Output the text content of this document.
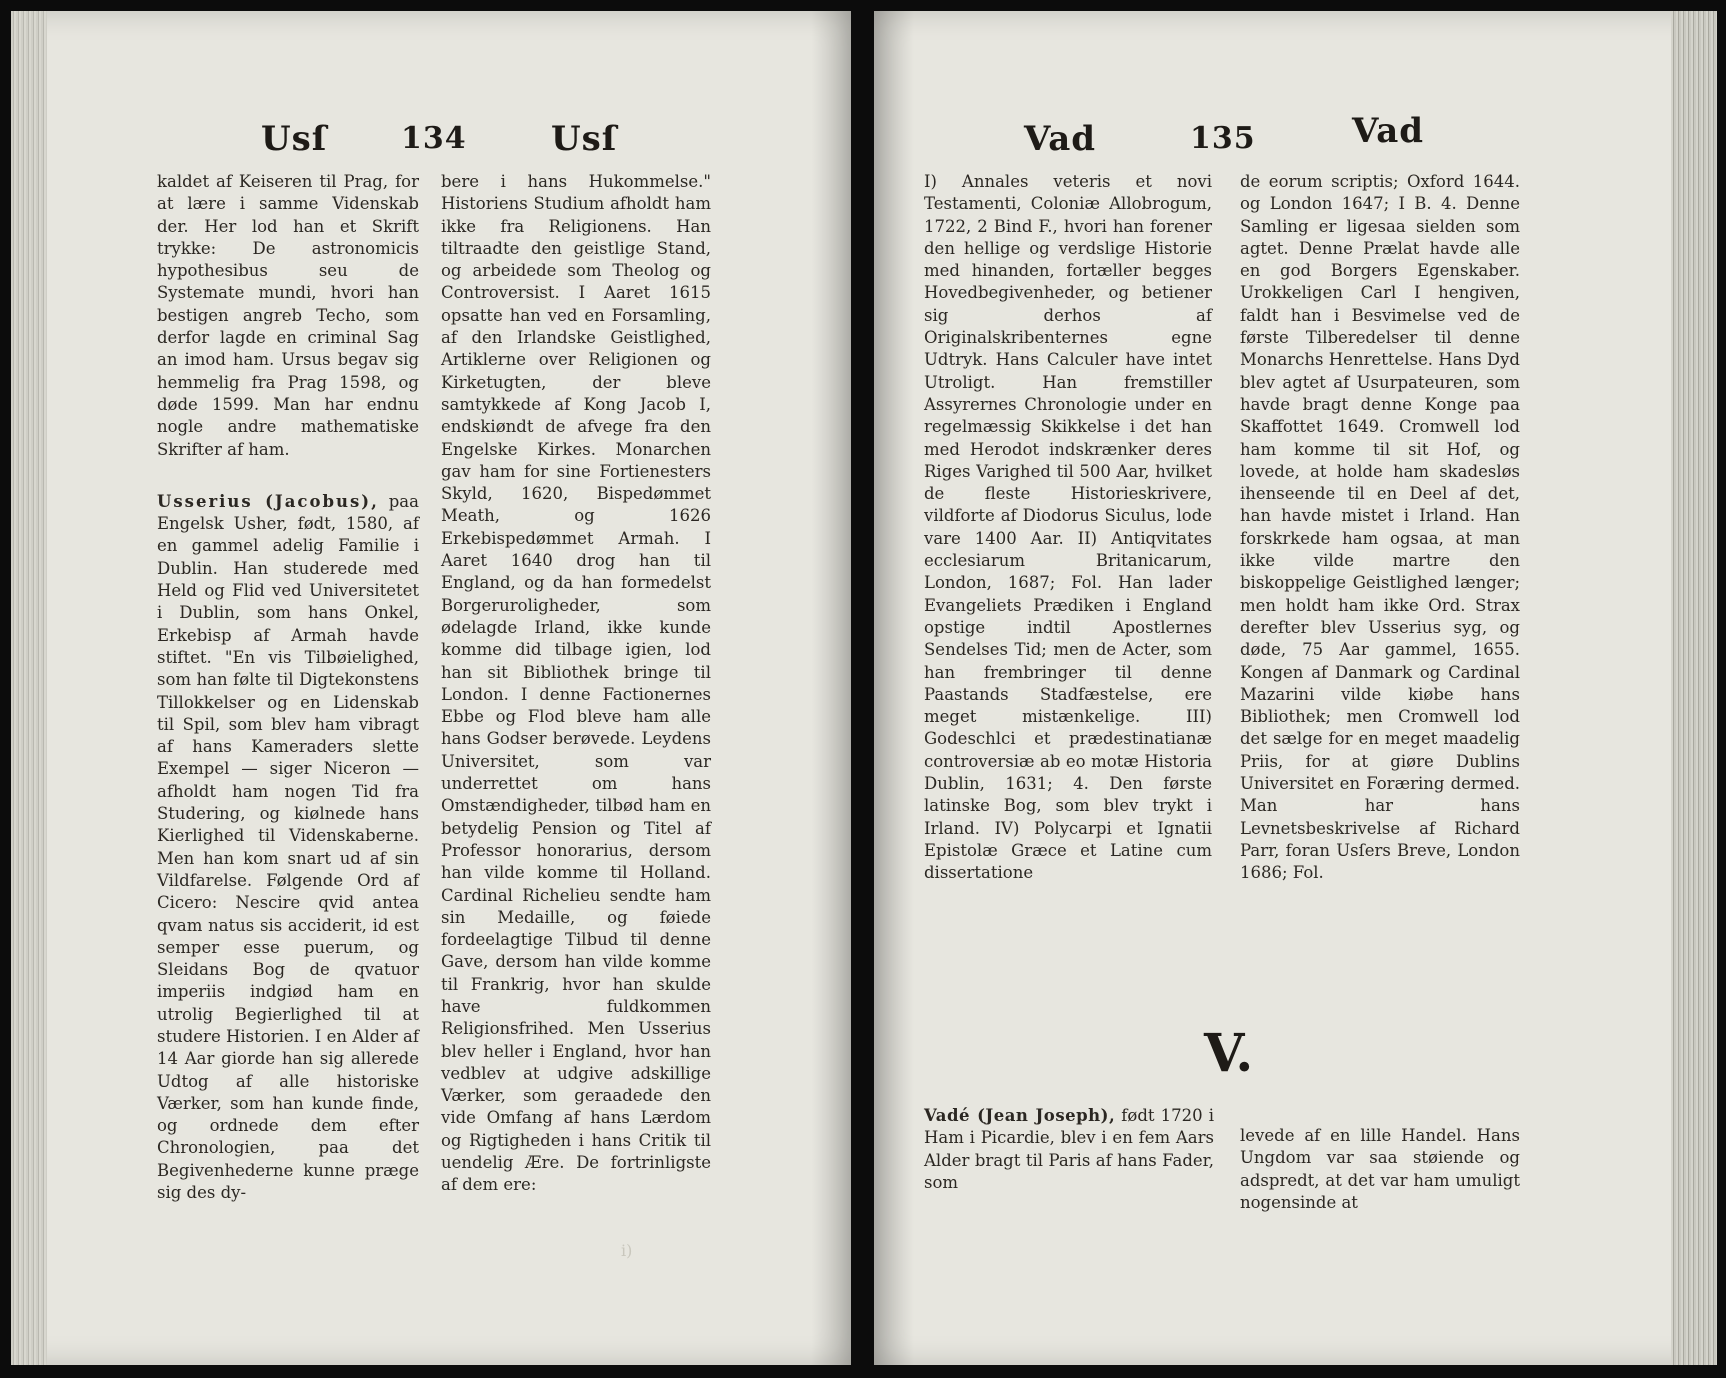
Usſ 134 Usſ

kaldet af Keiseren til Prag, for at lære i samme Videnskab der. Her lod han et Skrift trykke: De astronomicis hypothesibus seu de Systemate mundi, hvori han bestigen angreb Techo, som derfor lagde en criminal Sag an imod ham. Ursus begav sig hemmelig fra Prag 1598, og døde 1599. Man har endnu nogle andre mathematiske Skrifter af ham.

Usserius (Jacobus), paa Engelsk Usher, født, 1580, af en gammel adelig Familie i Dublin. Han studerede med Held og Flid ved Universitetet i Dublin, som hans Onkel, Erkebisp af Armah havde stiftet. "En vis Tilbøielighed, som han følte til Digtekonstens Tillokkelser og en Lidenskab til Spil, som blev ham vibragt af hans Kameraders slette Exempel — siger Niceron — afholdt ham nogen Tid fra Studering, og kiølnede hans Kierlighed til Videnskaberne. Men han kom snart ud af sin Vildfarelse. Følgende Ord af Cicero: Nescire qvid antea qvam natus sis acciderit, id est semper esse puerum, og Sleidans Bog de qvatuor imperiis indgiød ham en utrolig Begierlighed til at studere Historien. I en Alder af 14 Aar giorde han sig allerede Udtog af alle historiske Værker, som han kunde finde, og ordnede dem efter Chronologien, paa det Begivenhederne kunne præge sig des dy-

bere i hans Hukommelse." Historiens Studium afholdt ham ikke fra Religionens. Han tiltraadte den geistlige Stand, og arbeidede som Theolog og Controversist. I Aaret 1615 opsatte han ved en Forsamling, af den Irlandske Geistlighed, Artiklerne over Religionen og Kirketugten, der bleve samtykkede af Kong Jacob I, endskiøndt de afvege fra den Engelske Kirkes. Monarchen gav ham for sine Fortienesters Skyld, 1620, Bispedømmet Meath, og 1626 Erkebispedømmet Armah. I Aaret 1640 drog han til England, og da han formedelst Borgeruroligheder, som ødelagde Irland, ikke kunde komme did tilbage igien, lod han sit Bibliothek bringe til London. I denne Factionernes Ebbe og Flod bleve ham alle hans Godser berøvede. Leydens Universitet, som var underrettet om hans Omstændigheder, tilbød ham en betydelig Pension og Titel af Professor honorarius, dersom han vilde komme til Holland. Cardinal Richelieu sendte ham sin Medaille, og føiede fordeelagtige Tilbud til denne Gave, dersom han vilde komme til Frankrig, hvor han skulde have fuldkommen Religionsfrihed. Men Usserius blev heller i England, hvor han vedblev at udgive adskillige Værker, som geraadede den vide Omfang af hans Lærdom og Rigtigheden i hans Critik til uendelig Ære. De fortrinligste af dem ere:

i)
Vad	135	Vad

I) Annales veteris et novi Testamenti, Coloniæ Allobrogum, 1722, 2 Bind F., hvori han forener den hellige og verdslige Historie med hinanden, fortæller begges Hovedbegivenheder, og betiener sig derhos af Originalskribenternes egne Udtryk. Hans Calculer have intet Utroligt. Han fremstiller Assyrernes Chronologie under en regelmæssig Skikkelse i det han med Herodot indskrænker deres Riges Varighed til 500 Aar, hvilket de fleste Historieskrivere, vildforte af Diodorus Siculus, lode vare 1400 Aar. II) Antiqvitates ecclesiarum Britanicarum, London, 1687; Fol. Han lader Evangeliets Prædiken i England opstige indtil Apostlernes Sendelses Tid; men de Acter, som han frembringer til denne Paastands Stadfæstelse, ere meget mistænkelige. III) Godeschlci et prædestinatianæ controversiæ ab eo motæ Historia Dublin, 1631; 4. Den første latinske Bog, som blev trykt i Irland. IV) Polycarpi et Ignatii Epistolæ Græce et Latine cum dissertatione

de eorum scriptis; Oxford 1644. og London 1647; I B. 4. Denne Samling er ligesaa sielden som agtet. Denne Prælat havde alle en god Borgers Egenskaber. Urokkeligen Carl I hengiven, faldt han i Besvimelse ved de første Tilberedelser til denne Monarchs Henrettelse. Hans Dyd blev agtet af Usurpateuren, som havde bragt denne Konge paa Skaffottet 1649. Cromwell lod ham komme til sit Hof, og lovede, at holde ham skadesløs ihenseende til en Deel af det, han havde mistet i Irland. Han forskrkede ham ogsaa, at man ikke vilde martre den biskoppelige Geistlighed længer; men holdt ham ikke Ord. Strax derefter blev Usserius syg, og døde, 75 Aar gammel, 1655. Kongen af Danmark og Cardinal Mazarini vilde kiøbe hans Bibliothek; men Cromwell lod det sælge for en meget maadelig Priis, for at giøre Dublins Universitet en Foræring dermed. Man har hans Levnetsbeskrivelse af Richard Parr, foran Usſers Breve, London 1686; Fol.

V.

Vadé (Jean Joseph), født 1720 i Ham i Picardie, blev i en fem Aars Alder bragt til Paris af hans Fader, som

levede af en lille Handel. Hans Ungdom var saa støiende og adspredt, at det var ham umuligt nogensinde at
